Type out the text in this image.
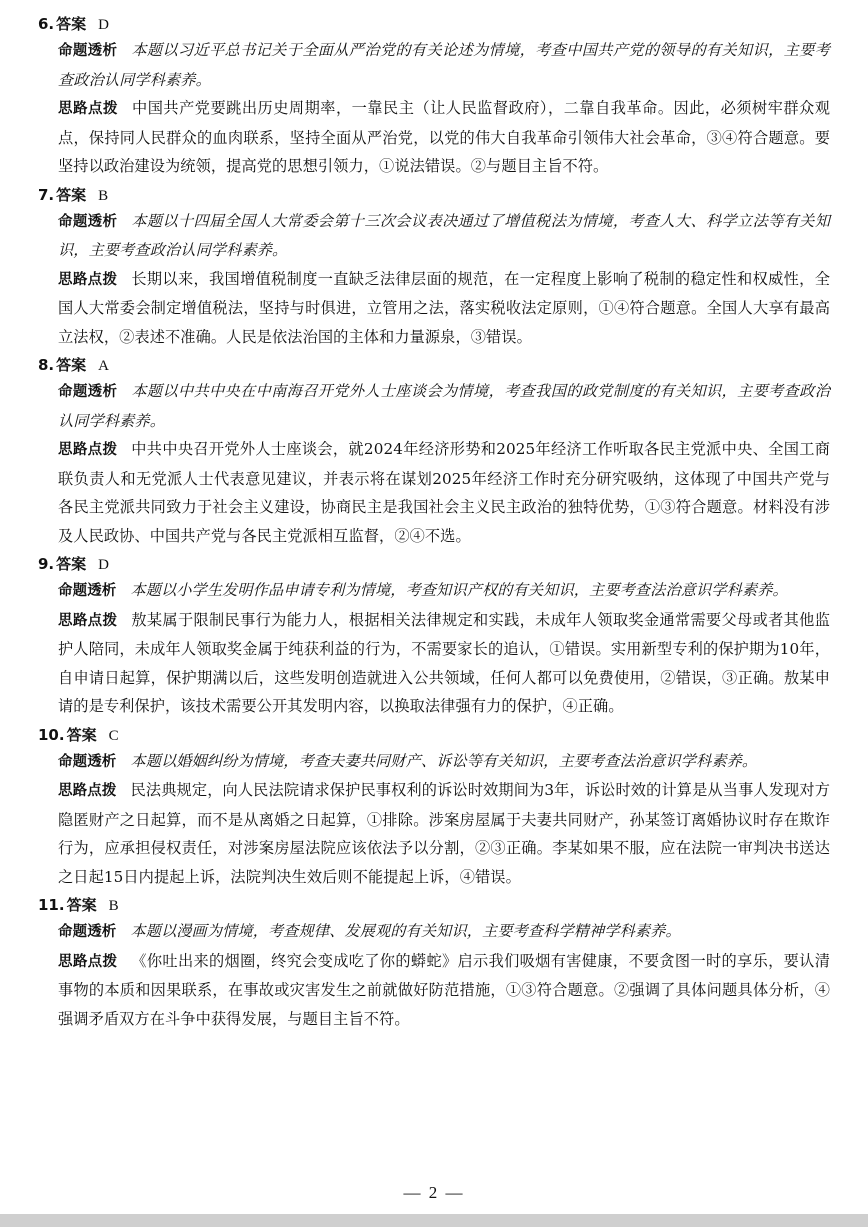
6. 答案 D
命题透析 本题以习近平总书记关于全面从严治党的有关论述为情境，考查中国共产党的领导的有关知识，主要考查政治认同学科素养。
思路点拨 中国共产党要跳出历史周期率，一靠民主（让人民监督政府），二靠自我革命。因此，必须树牢群众观点，保持同人民群众的血肉联系，坚持全面从严治党，以党的伟大自我革命引领伟大社会革命，③④符合题意。要坚持以政治建设为统领，提高党的思想引领力，①说法错误。②与题目主旨不符。
7. 答案 B
命题透析 本题以十四届全国人大常委会第十三次会议表决通过了增值税法为情境，考查人大、科学立法等有关知识，主要考查政治认同学科素养。
思路点拨 长期以来，我国增值税制度一直缺乏法律层面的规范，在一定程度上影响了税制的稳定性和权威性，全国人大常委会制定增值税法，坚持与时俱进，立管用之法，落实税收法定原则，①④符合题意。全国人大享有最高立法权，②表述不准确。人民是依法治国的主体和力量源泉，③错误。
8. 答案 A
命题透析 本题以中共中央在中南海召开党外人士座谈会为情境，考查我国的政党制度的有关知识，主要考查政治认同学科素养。
思路点拨 中共中央召开党外人士座谈会，就2024年经济形势和2025年经济工作听取各民主党派中央、全国工商联负责人和无党派人士代表意见建议，并表示将在谋划2025年经济工作时充分研究吸纳，这体现了中国共产党与各民主党派共同致力于社会主义建设，协商民主是我国社会主义民主政治的独特优势，①③符合题意。材料没有涉及人民政协、中国共产党与各民主党派相互监督，②④不选。
9. 答案 D
命题透析 本题以小学生发明作品申请专利为情境，考查知识产权的有关知识，主要考查法治意识学科素养。
思路点拨 敖某属于限制民事行为能力人，根据相关法律规定和实践，未成年人领取奖金通常需要父母或者其他监护人陪同，未成年人领取奖金属于纯获利益的行为，不需要家长的追认，①错误。实用新型专利的保护期为10年，自申请日起算，保护期满以后，这些发明创造就进入公共领域，任何人都可以免费使用，②错误，③正确。敖某申请的是专利保护，该技术需要公开其发明内容，以换取法律强有力的保护，④正确。
10. 答案 C
命题透析 本题以婚姻纠纷为情境，考查夫妻共同财产、诉讼等有关知识，主要考查法治意识学科素养。
思路点拨 民法典规定，向人民法院请求保护民事权利的诉讼时效期间为3年，诉讼时效的计算是从当事人发现对方隐匿财产之日起算，而不是从离婚之日起算，①排除。涉案房屋属于夫妻共同财产，孙某签订离婚协议时存在欺诈行为，应承担侵权责任，对涉案房屋法院应该依法予以分割，②③正确。李某如果不服，应在法院一审判决书送达之日起15日内提起上诉，法院判决生效后则不能提起上诉，④错误。
11. 答案 B
命题透析 本题以漫画为情境，考查规律、发展观的有关知识，主要考查科学精神学科素养。
思路点拨 《你吐出来的烟圈，终究会变成吃了你的蟒蛇》启示我们吸烟有害健康，不要贪图一时的享乐，要认清事物的本质和因果联系，在事故或灾害发生之前就做好防范措施，①③符合题意。②强调了具体问题具体分析，④强调矛盾双方在斗争中获得发展，与题目主旨不符。
— 2 —
